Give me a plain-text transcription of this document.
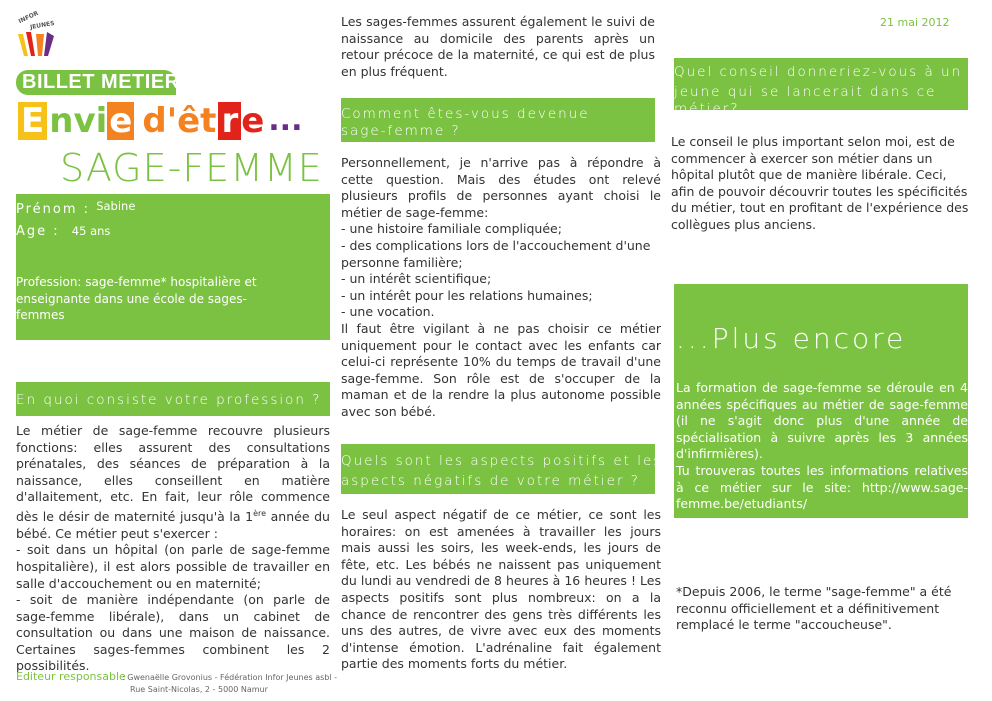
INFOR
JEUNES
BILLET METIER
E n v i e d ' ê t r e ...
SAGE-FEMME
21 mai 2012
Prénom : Sabine
Age : 45 ans
Profession: sage-femme* hospitalière et enseignante dans une école de sages-femmes
En quoi consiste votre profession ?

Le métier de sage-femme recouvre plusieurs fonctions: elles assurent des consultations prénatales, des séances de préparation à la naissance, elles conseillent en matière d'allaitement, etc. En fait, leur rôle commence dès le désir de maternité jusqu'à la 1ère année du bébé. Ce métier peut s'exercer :

- soit dans un hôpital (on parle de sage-femme hospitalière), il est alors possible de travailler en salle d'accouchement ou en maternité;

- soit de manière indépendante (on parle de sage-femme libérale), dans un cabinet de consultation ou dans une maison de naissance. Certaines sages-femmes combinent les 2 possibilités.

Editeur responsable
: Gwenaëlle Grovonius - Fédération Infor Jeunes asbl -
Rue Saint-Nicolas, 2 - 5000 Namur
Les sages-femmes assurent également le suivi de naissance au domicile des parents après un retour précoce de la maternité, ce qui est de plus en plus fréquent.
Comment êtes-vous devenue
sage-femme ?

Personnellement, je n'arrive pas à répondre à cette question. Mais des études ont relevé plusieurs profils de personnes ayant choisi le métier de sage-femme:

- une histoire familiale compliquée;
- des complications lors de l'accouchement d'une personne familière;
- un intérêt scientifique;
- un intérêt pour les relations humaines;
- une vocation.

Il faut être vigilant à ne pas choisir ce métier uniquement pour le contact avec les enfants car celui-ci représente 10% du temps de travail d'une sage-femme. Son rôle est de s'occuper de la maman et de la rendre la plus autonome possible avec son bébé.

Quels sont les aspects positifs et les
aspects négatifs de votre métier ?
Le seul aspect négatif de ce métier, ce sont les horaires: on est amenées à travailler les jours mais aussi les soirs, les week-ends, les jours de fête, etc. Les bébés ne naissent pas uniquement du lundi au vendredi de 8 heures à 16 heures ! Les aspects positifs sont plus nombreux: on a la chance de rencontrer des gens très différents les uns des autres, de vivre avec eux des moments d'intense émotion. L'adrénaline fait également partie des moments forts du métier.
Quel conseil donneriez-vous à un
jeune qui se lancerait dans ce métier?
Le conseil le plus important selon moi, est de commencer à exercer son métier dans un hôpital plutôt que de manière libérale. Ceci, afin de pouvoir découvrir toutes les spécificités du métier, tout en profitant de l'expérience des collègues plus anciens.
...Plus encore

La formation de sage-femme se déroule en 4 années spécifiques au métier de sage-femme (il ne s'agit donc plus d'une année de spécialisation à suivre après les 3 années d'infirmières).

Tu trouveras toutes les informations relatives à ce métier sur le site: http://www.sage-femme.be/etudiants/

*Depuis 2006, le terme "sage-femme" a été reconnu officiellement et a définitivement remplacé le terme "accoucheuse".
